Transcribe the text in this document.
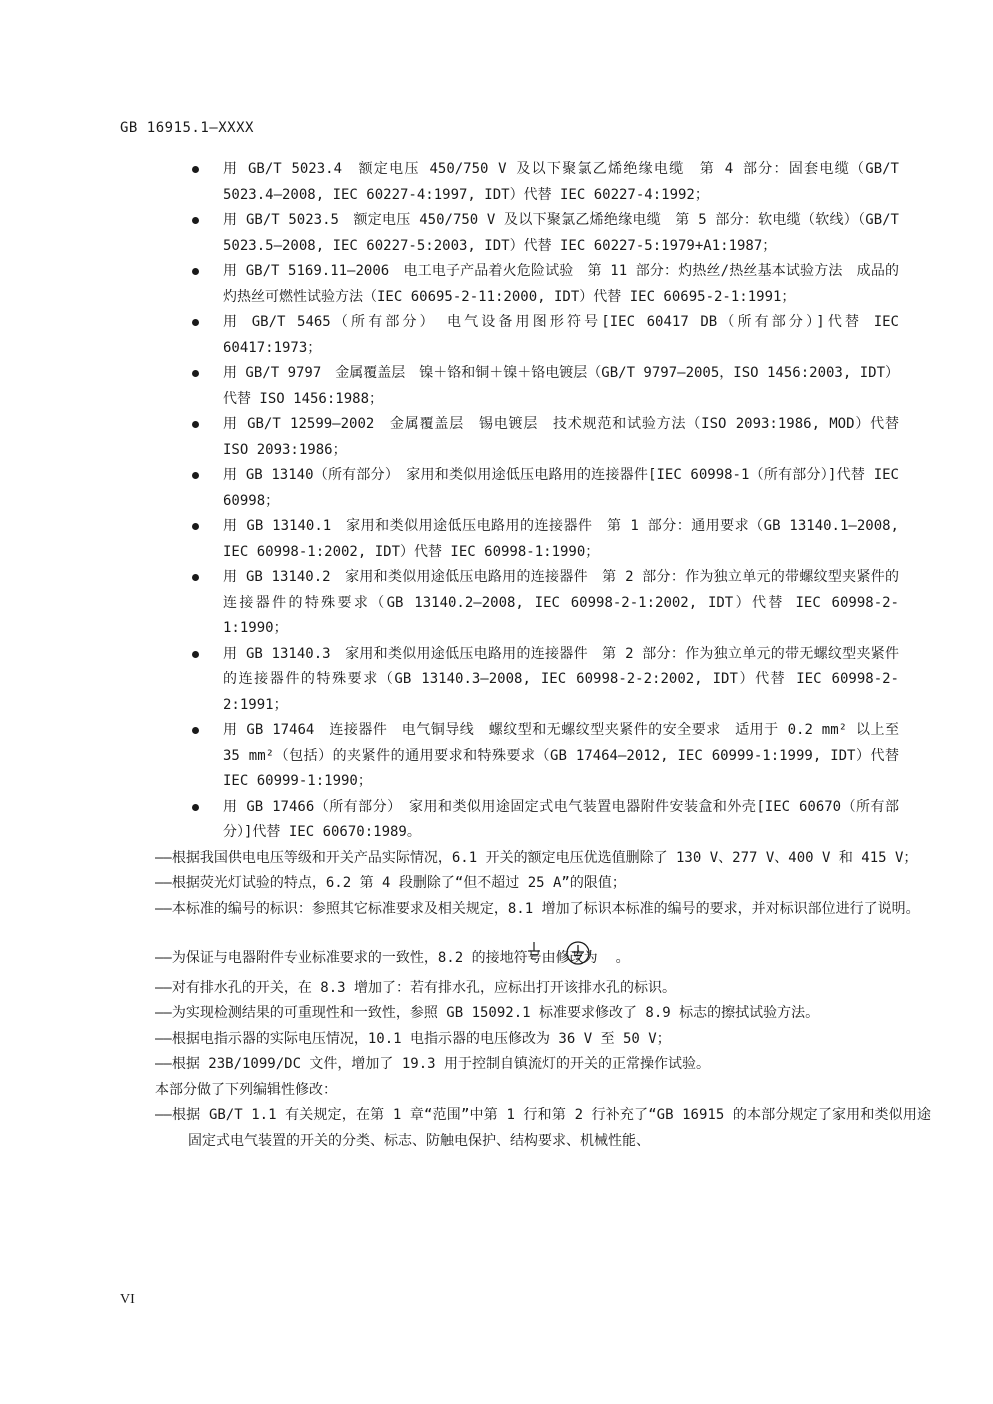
GB 16915.1—XXXX
用 GB/T 5023.4　额定电压 450/750 V 及以下聚氯乙烯绝缘电缆　第 4 部分：固套电缆（GB/T 5023.4—2008, IEC 60227-4:1997, IDT）代替 IEC 60227-4:1992；
用 GB/T 5023.5　额定电压 450/750 V 及以下聚氯乙烯绝缘电缆　第 5 部分：软电缆（软线）（GB/T 5023.5—2008, IEC 60227-5:2003, IDT）代替 IEC 60227-5:1979+A1:1987；
用 GB/T 5169.11—2006　电工电子产品着火危险试验　第 11 部分：灼热丝/热丝基本试验方法　成品的灼热丝可燃性试验方法（IEC 60695-2-11:2000, IDT）代替 IEC 60695-2-1:1991；
用 GB/T 5465（所有部分）　电气设备用图形符号[IEC 60417 DB（所有部分）]代替 IEC 60417:1973；
用 GB/T 9797　金属覆盖层　镍＋铬和铜＋镍＋铬电镀层（GB/T 9797—2005，ISO 1456:2003, IDT）代替 ISO 1456:1988；
用 GB/T 12599—2002　金属覆盖层　锡电镀层　技术规范和试验方法（ISO 2093:1986, MOD）代替 ISO 2093:1986；
用 GB 13140（所有部分）　家用和类似用途低压电路用的连接器件[IEC 60998-1（所有部分）]代替 IEC 60998；
用 GB 13140.1　家用和类似用途低压电路用的连接器件　第 1 部分：通用要求（GB 13140.1—2008, IEC 60998-1:2002, IDT）代替 IEC 60998-1:1990；
用 GB 13140.2　家用和类似用途低压电路用的连接器件　第 2 部分：作为独立单元的带螺纹型夹紧件的连接器件的特殊要求（GB 13140.2—2008, IEC 60998-2-1:2002, IDT）代替 IEC 60998-2-1:1990；
用 GB 13140.3　家用和类似用途低压电路用的连接器件　第 2 部分：作为独立单元的带无螺纹型夹紧件的连接器件的特殊要求（GB 13140.3—2008, IEC 60998-2-2:2002, IDT）代替 IEC 60998-2-2:1991；
用 GB 17464　连接器件　电气铜导线　螺纹型和无螺纹型夹紧件的安全要求　适用于 0.2 mm² 以上至 35 mm²（包括）的夹紧件的通用要求和特殊要求（GB 17464—2012, IEC 60999-1:1999, IDT）代替 IEC 60999-1:1990；
用 GB 17466（所有部分）　家用和类似用途固定式电气装置电器附件安装盒和外壳[IEC 60670（所有部分）]代替 IEC 60670:1989。

——根据我国供电电压等级和开关产品实际情况，6.1 开关的额定电压优选值删除了 130 V、277 V、400 V 和 415 V；

——根据荧光灯试验的特点，6.2 第 4 段删除了“但不超过 25 A”的限值；

——本标准的编号的标识：参照其它标准要求及相关规定，8.1 增加了标识本标准的编号的要求，并对标识部位进行了说明。

——为保证与电器附件专业标准要求的一致性，8.2 的接地符号由修改为 。

——对有排水孔的开关，在 8.3 增加了：若有排水孔，应标出打开该排水孔的标识。

——为实现检测结果的可重现性和一致性，参照 GB 15092.1 标准要求修改了 8.9 标志的擦拭试验方法。

——根据电指示器的实际电压情况，10.1 电指示器的电压修改为 36 V 至 50 V；

——根据 23B/1099/DC 文件，增加了 19.3 用于控制自镇流灯的开关的正常操作试验。

本部分做了下列编辑性修改：

——根据 GB/T 1.1 有关规定，在第 1 章“范围”中第 1 行和第 2 行补充了“GB 16915 的本部分规定了家用和类似用途固定式电气装置的开关的分类、标志、防触电保护、结构要求、机械性能、

VI
